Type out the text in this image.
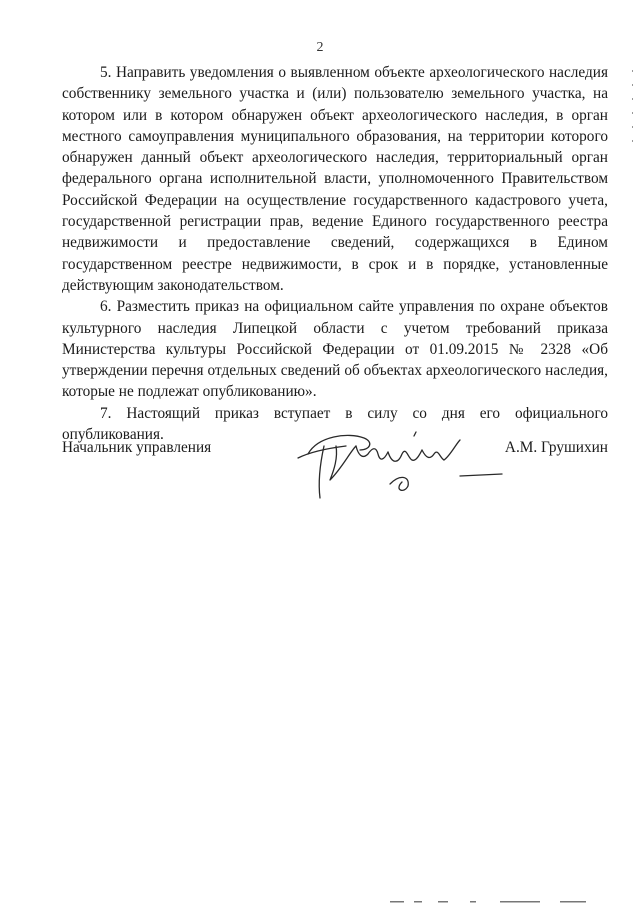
2

5. Направить уведомления о выявленном объекте археологического наследия собственнику земельного участка и (или) пользователю земельного участка, на котором или в котором обнаружен объект археологического наследия, в орган местного самоуправления муниципального образования, на территории которого обнаружен данный объект археологического наследия, территориальный орган федерального органа исполнительной власти, уполномоченного Правительством Российской Федерации на осуществление государственного кадастрового учета, государственной регистрации прав, ведение Единого государственного реестра недвижимости и предоставление сведений, содержащихся в Едином государственном реестре недвижимости, в срок и в порядке, установленные действующим законодательством.

6. Разместить приказ на официальном сайте управления по охране объектов культурного наследия Липецкой области с учетом требований приказа Министерства культуры Российской Федерации от 01.09.2015 № 2328 «Об утверждении перечня отдельных сведений об объектах археологического наследия, которые не подлежат опубликованию».

7. Настоящий приказ вступает в силу со дня его официального опубликования.

Начальник управления	А.М. Грушихин
